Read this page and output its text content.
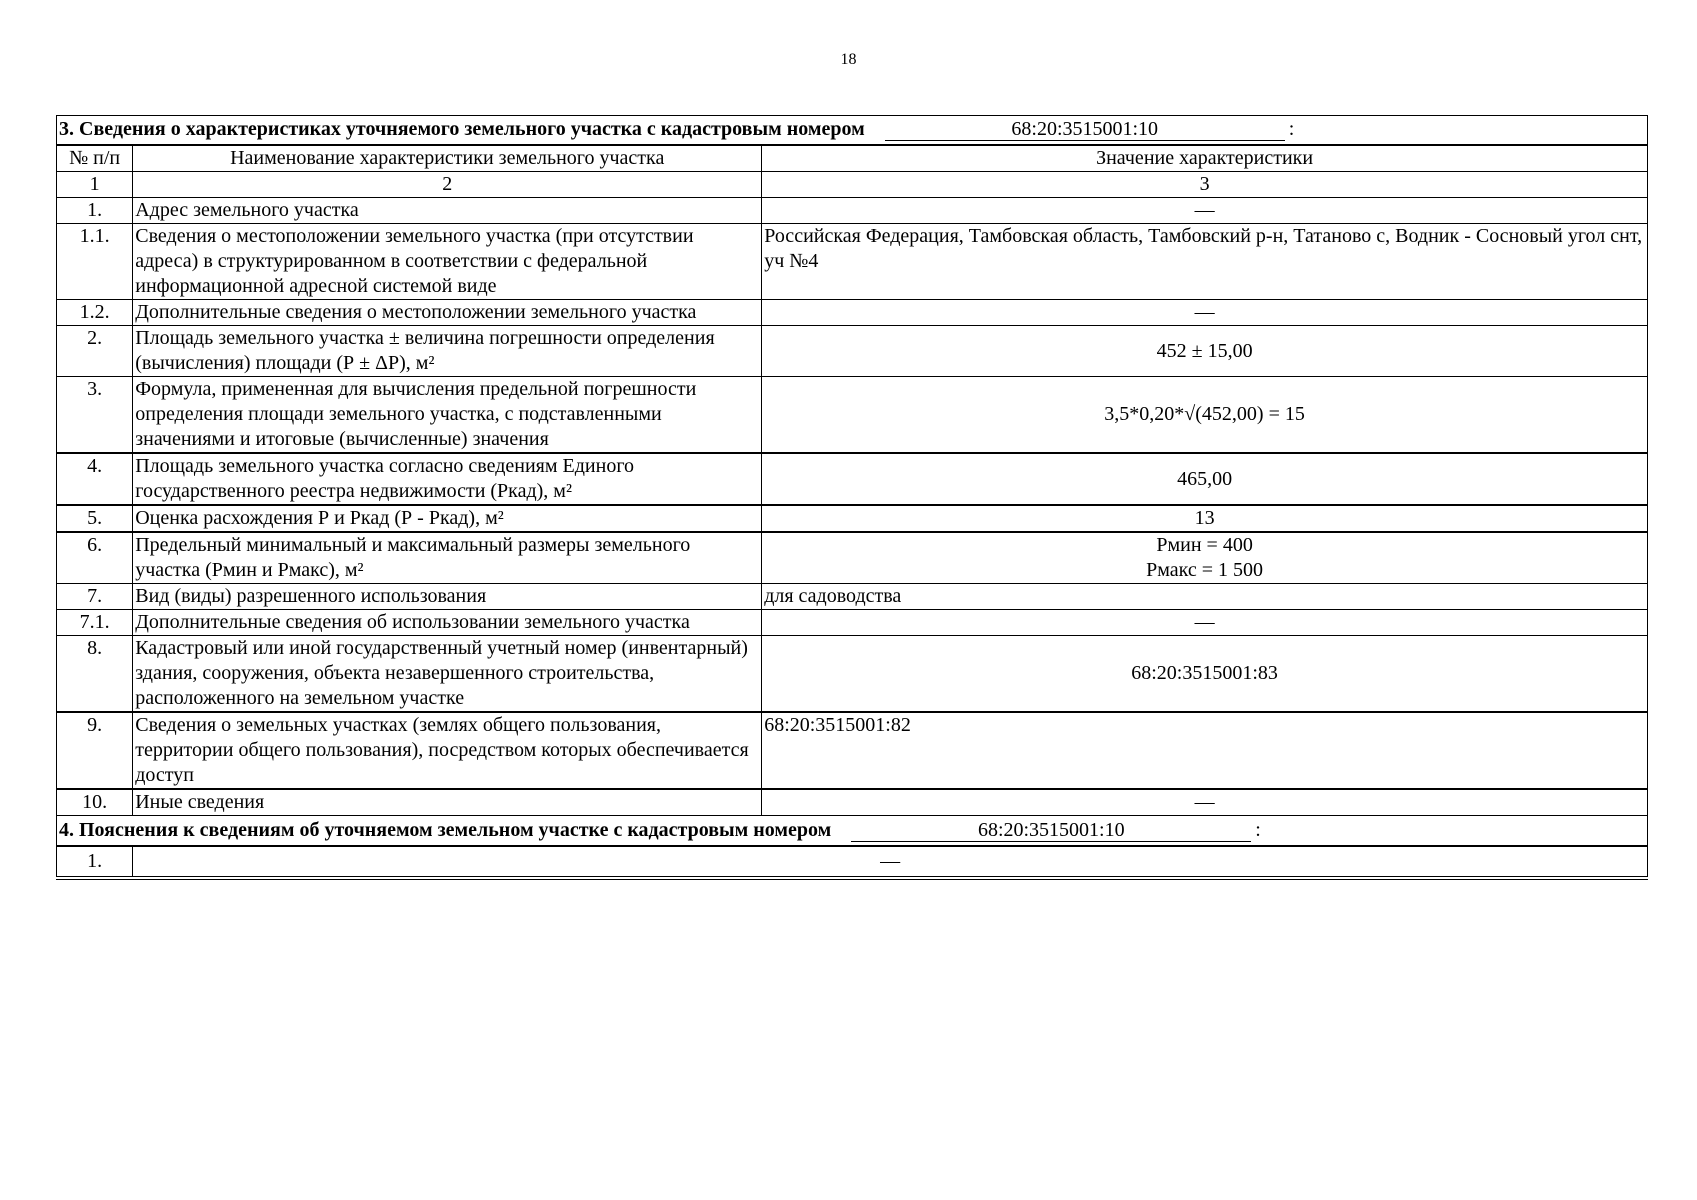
18
3. Сведения о характеристиках уточняемого земельного участка с кадастровым номером 68:20:3515001:10 :		
№ п/п	Наименование характеристики земельного участка	Значение характеристики
1	2	3
1.	Адрес земельного участка	—
1.1.	Сведения о местоположении земельного участка (при отсутствии адреса) в структурированном в соответствии с федеральной информационной адресной системой виде	Российская Федерация, Тамбовская область, Тамбовский р-н, Татаново с, Водник - Сосновый угол снт, уч №4
1.2.	Дополнительные сведения о местоположении земельного участка	—
2.	Площадь земельного участка ± величина погрешности определения (вычисления) площади (Р ± ΔР), м²	452 ± 15,00
3.	Формула, примененная для вычисления предельной погрешности определения площади земельного участка, с подставленными значениями и итоговые (вычисленные) значения	3,5*0,20*√(452,00) = 15
4.	Площадь земельного участка согласно сведениям Единого государственного реестра недвижимости (Ркад), м²	465,00
5.	Оценка расхождения Р и Ркад (Р - Ркад), м²	13
6.	Предельный минимальный и максимальный размеры земельного участка (Рмин и Рмакс), м²	Рмин = 400
Рмакс = 1 500

7.	Вид (виды) разрешенного использования	для садоводства
7.1.	Дополнительные сведения об использовании земельного участка	—
8.	Кадастровый или иной государственный учетный номер (инвентарный) здания, сооружения, объекта незавершенного строительства, расположенного на земельном участке	68:20:3515001:83
9.	Сведения о земельных участках (землях общего пользования, территории общего пользования), посредством которых обеспечивается доступ	68:20:3515001:82
10.	Иные сведения	—
4. Пояснения к сведениям об уточняемом земельном участке с кадастровым номером 68:20:3515001:10 :		
1.	—	
